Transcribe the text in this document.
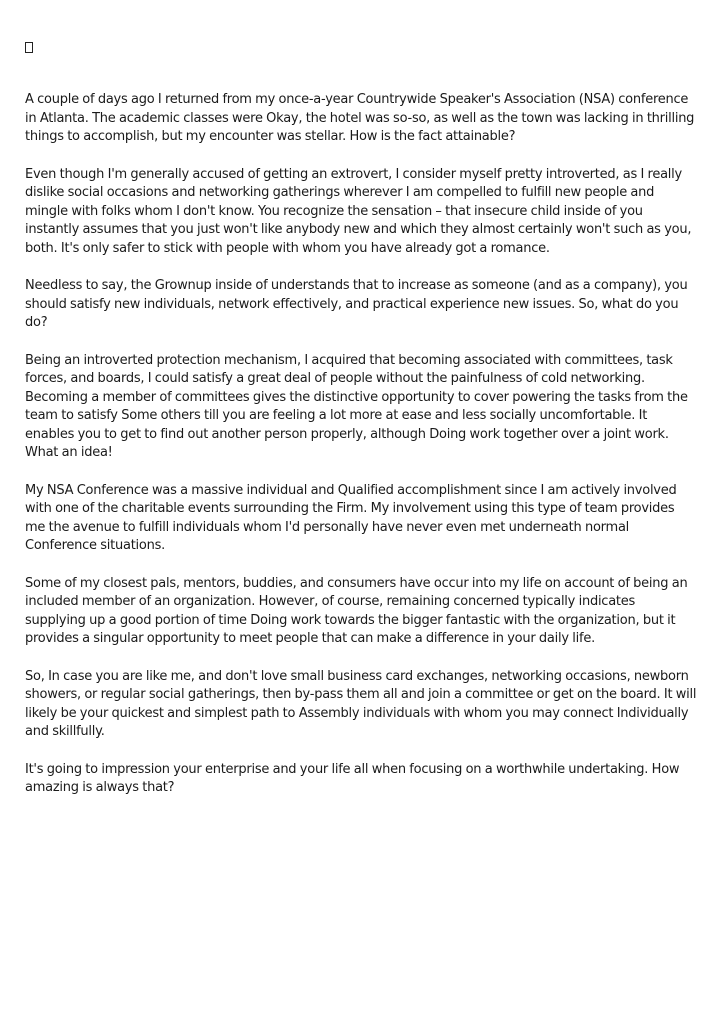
A couple of days ago I returned from my once-a-year Countrywide Speaker's Association (NSA) conference in Atlanta. The academic classes were Okay, the hotel was so-so, as well as the town was lacking in thrilling things to accomplish, but my encounter was stellar. How is the fact attainable?

Even though I'm generally accused of getting an extrovert, I consider myself pretty introverted, as I really dislike social occasions and networking gatherings wherever I am compelled to fulfill new people and mingle with folks whom I don't know. You recognize the sensation – that insecure child inside of you instantly assumes that you just won't like anybody new and which they almost certainly won't such as you, both. It's only safer to stick with people with whom you have already got a romance.

Needless to say, the Grownup inside of understands that to increase as someone (and as a company), you should satisfy new individuals, network effectively, and practical experience new issues. So, what do you do?

Being an introverted protection mechanism, I acquired that becoming associated with committees, task forces, and boards, I could satisfy a great deal of people without the painfulness of cold networking. Becoming a member of committees gives the distinctive opportunity to cover powering the tasks from the team to satisfy Some others till you are feeling a lot more at ease and less socially uncomfortable. It enables you to get to find out another person properly, although Doing work together over a joint work. What an idea!

My NSA Conference was a massive individual and Qualified accomplishment since I am actively involved with one of the charitable events surrounding the Firm. My involvement using this type of team provides me the avenue to fulfill individuals whom I'd personally have never even met underneath normal Conference situations.

Some of my closest pals, mentors, buddies, and consumers have occur into my life on account of being an included member of an organization. However, of course, remaining concerned typically indicates supplying up a good portion of time Doing work towards the bigger fantastic with the organization, but it provides a singular opportunity to meet people that can make a difference in your daily life.

So, In case you are like me, and don't love small business card exchanges, networking occasions, newborn showers, or regular social gatherings, then by-pass them all and join a committee or get on the board. It will likely be your quickest and simplest path to Assembly individuals with whom you may connect Individually and skillfully.

It's going to impression your enterprise and your life all when focusing on a worthwhile undertaking. How amazing is always that?
